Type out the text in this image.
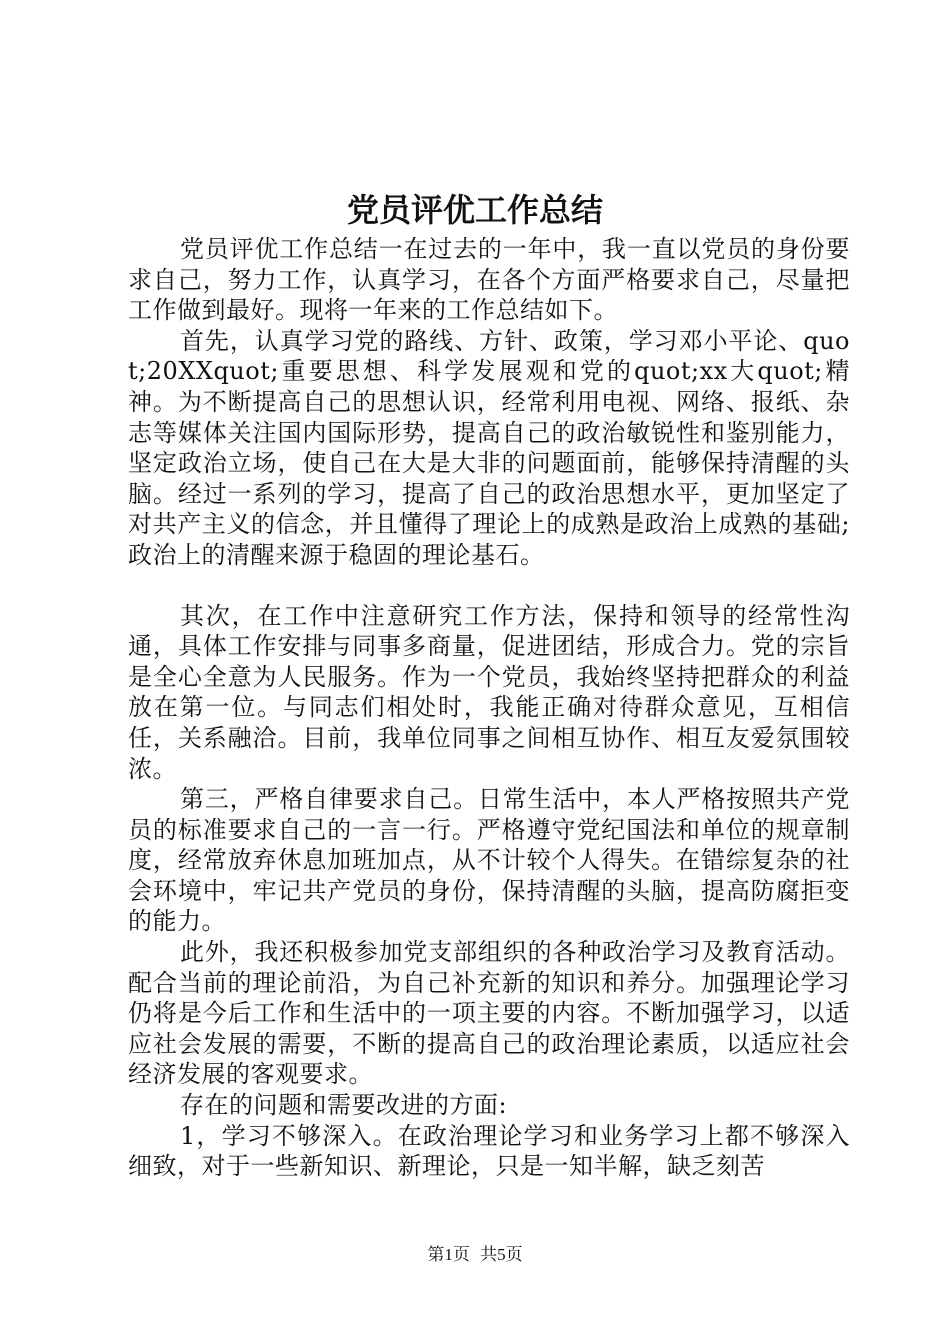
党员评优工作总结

党员评优工作总结一在过去的一年中，我一直以党员的身份要求自己，努力工作，认真学习，在各个方面严格要求自己，尽量把工作做到最好。现将一年来的工作总结如下。

首先，认真学习党的路线、方针、政策，学习邓小平论、quot;20XXquot;重要思想、科学发展观和党的quot;xx大quot;精神。为不断提高自己的思想认识，经常利用电视、网络、报纸、杂志等媒体关注国内国际形势，提高自己的政治敏锐性和鉴别能力，坚定政治立场，使自己在大是大非的问题面前，能够保持清醒的头脑。经过一系列的学习，提高了自己的政治思想水平，更加坚定了对共产主义的信念，并且懂得了理论上的成熟是政治上成熟的基础;政治上的清醒来源于稳固的理论基石。

其次，在工作中注意研究工作方法，保持和领导的经常性沟通，具体工作安排与同事多商量，促进团结，形成合力。党的宗旨是全心全意为人民服务。作为一个党员，我始终坚持把群众的利益放在第一位。与同志们相处时，我能正确对待群众意见，互相信任，关系融洽。目前，我单位同事之间相互协作、相互友爱氛围较浓。

第三，严格自律要求自己。日常生活中，本人严格按照共产党员的标准要求自己的一言一行。严格遵守党纪国法和单位的规章制度，经常放弃休息加班加点，从不计较个人得失。在错综复杂的社会环境中，牢记共产党员的身份，保持清醒的头脑，提高防腐拒变的能力。

此外，我还积极参加党支部组织的各种政治学习及教育活动。配合当前的理论前沿，为自己补充新的知识和养分。加强理论学习仍将是今后工作和生活中的一项主要的内容。不断加强学习，以适应社会发展的需要，不断的提高自己的政治理论素质，以适应社会经济发展的客观要求。

存在的问题和需要改进的方面:

1，学习不够深入。在政治理论学习和业务学习上都不够深入细致，对于一些新知识、新理论，只是一知半解，缺乏刻苦

第1页 共5页
